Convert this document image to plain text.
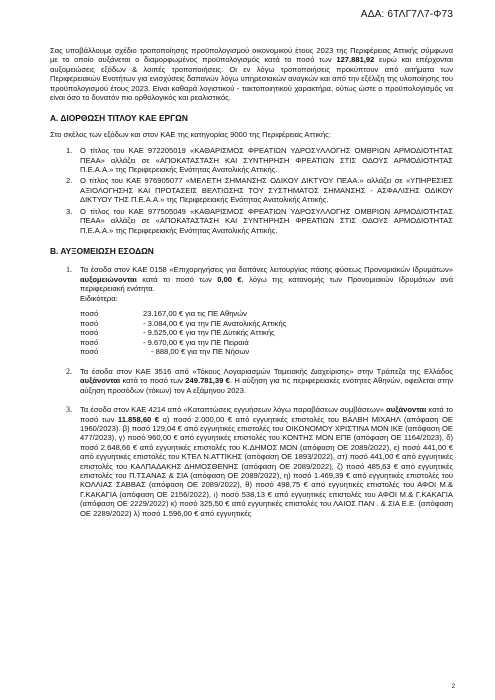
ΑΔΑ: 6ΤΛΓ7Λ7-Φ73

Σας υποβάλλουμε σχέδιο τροποποίησης προϋπολογισμού οικονομικού έτους 2023 της Περιφέρειας Αττικής σύμφωνα με το οποίο αυξάνεται ο διαμορφωμένος προϋπολογισμός κατά το ποσό των 127.881,92 ευρώ και επέρχονται αυξομειώσεις εξόδων & λοιπές τροποποιήσεις. Οι εν λόγω τροποποιήσεις προκύπτουν από αιτήματα των Περιφερειακών Ενοτήτων για ενισχύσεις δαπανών λόγω υπηρεσιακών αναγκών και από την εξέλιξη της υλοποίησης του προϋπολογισμού έτους 2023. Είναι καθαρά λογιστικού - τακτοποιητικού χαρακτήρα, ούτως ώστε ο προϋπολογισμός να είναι όσο το δυνατόν πιο ορθολογικός και ρεαλιστικός.

Α. ΔΙΟΡΘΩΣΗ ΤΙΤΛΟΥ ΚΑΕ ΕΡΓΩΝ

Στο σκέλος των εξόδων και στον ΚΑΕ της κατηγορίας 9000 της Περιφέρειας Αττικής:

1. Ο τίτλος του ΚΑΕ 972205019 «ΚΑΘΑΡΙΣΜΟΣ ΦΡΕΑΤΙΩΝ ΥΔΡΟΣΥΛΛΟΓΗΣ ΟΜΒΡΙΩΝ ΑΡΜΟΔΙΟΤΗΤΑΣ ΠΕΑΑ» αλλάζει σε «ΑΠΟΚΑΤΑΣΤΑΣΗ ΚΑΙ ΣΥΝΤΗΡΗΣΗ ΦΡΕΑΤΙΩΝ ΣΤΙΣ ΟΔΟΥΣ ΑΡΜΟΔΙΟΤΗΤΑΣ Π.Ε.Α.Α.» της Περιφερειακής Ενότητας Ανατολικής Αττικής.
2. Ο τίτλος του ΚΑΕ 976905077 «ΜΕΛΕΤΗ ΣΗΜΑΝΣΗΣ ΟΔΙΚΟΥ ΔΙΚΤΥΟΥ ΠΕΑΑ.» αλλάζει σε «ΥΠΗΡΕΣΙΕΣ ΑΞΙΟΛΟΓΗΣΗΣ ΚΑΙ ΠΡΟΤΑΣΕΙΣ ΒΕΛΤΙΩΣΗΣ ΤΟΥ ΣΥΣΤΗΜΑΤΟΣ ΣΗΜΑΝΣΗΣ - ΑΣΦΑΛΙΣΗΣ ΟΔΙΚΟΥ ΔΙΚΤΥΟΥ ΤΗΣ Π.Ε.Α.Α.» της Περιφερειακής Ενότητας Ανατολικής Αττικής.
3. Ο τίτλος του ΚΑΕ 977505049 «ΚΑΘΑΡΙΣΜΟΣ ΦΡΕΑΤΙΩΝ ΥΔΡΟΣΥΛΛΟΓΗΣ ΟΜΒΡΙΩΝ ΑΡΜΟΔΙΟΤΗΤΑΣ ΠΕΑΑ» αλλάζει σε «ΑΠΟΚΑΤΑΣΤΑΣΗ ΚΑΙ ΣΥΝΤΗΡΗΣΗ ΦΡΕΑΤΙΩΝ ΣΤΙΣ ΟΔΟΥΣ ΑΡΜΟΔΙΟΤΗΤΑΣ Π.Ε.Α.Α.» της Περιφερειακής Ενότητας Ανατολικής Αττικής.
Β. ΑΥΞΟΜΕΙΩΣΗ ΕΣΟΔΩΝ
1. Τα έσοδα στον ΚΑΕ 0158 «Επιχορηγήσεις για δαπάνες λειτουργίας πάσης φύσεως Προνομιακών Ιδρυμάτων» αυξομειώνονται κατά το ποσό των 0,00 €, λόγω της κατανομής των Προνομιακών Ιδρυμάτων ανά περιφερειακή ενότητα.
Ειδικότερα:
ποσό	23.167,00 € για τις ΠΕ Αθηνών
ποσό	- 3.084,00 € για την ΠΕ Ανατολικής Αττικής
ποσό	- 9.525,00 € για την ΠΕ Δυτικής Αττικής
ποσό	- 9.670,00 € για την ΠΕ Πειραιά
ποσό	- 888,00 € για την ΠΕ Νήσων
2. Τα έσοδα στον ΚΑΕ 3516 από «Τόκους Λογαριασμών Ταμειακής Διαχείρισης» στην Τράπεζα της Ελλάδος αυξάνονται κατά το ποσό των 249.781,39 €. Η αύξηση για τις περιφερειακές ενότητες Αθηνών, οφείλεται στην αύξηση προσόδων (τόκων) τον Α εξάμηνου 2023.
3. Τα έσοδα στον ΚΑΕ 4214 από «Καταπτώσεις εγγυήσεων λόγω παραβάσεων συμβάσεων» αυξάνονται κατά το ποσό των 11.858,60 € α) ποσό 2.000,00 € από εγγυητικές επιστολές του ΒΑΛΒΗ ΜΙΧΑΗΛ (απόφαση ΟΕ 1960/2023). β) ποσό 129,04 € από εγγυητικές επιστολές του ΟΙΚΟΝΟΜΟΥ ΧΡΙΣΤΙΝΑ ΜΟΝ ΙΚΕ (απόφαση ΟΕ 477/2023), γ) ποσό 960,00 € από εγγυητικές επιστολές του ΚΟΝΤΗΣ ΜΟΝ ΕΠΕ (απόφαση ΟΕ 1164/2023), δ) ποσό 2.648,66 € από εγγυητικές επιστολές του Κ.ΔΗΜΟΣ ΜΟΝ (απόφαση ΟΕ 2089/2022), ε) ποσό 441,00 € από εγγυητικές επιστολές του ΚΤΕΛ Ν.ΑΤΤΙΚΗΣ (απόφαση ΟΕ 1893/2022), στ) ποσό 441,00 € από εγγυητικές επιστολές του ΚΑΛΠΑΔΑΚΗΣ ΔΗΜΟΣΘΕΝΗΣ (απόφαση ΟΕ 2089/2022), ζ) ποσό 485,63 € από εγγυητικές επιστολές του Π.ΤΣΑΝΑΣ & ΣΙΑ (απόφαση ΟΕ 2089/2022), η) ποσό 1.469,39 € από εγγυητικές επιστολές του ΚΟΛΛΙΑΣ ΣΑΒΒΑΣ (απόφαση ΟΕ 2089/2022), θ) ποσό 498,75 € από εγγυητικές επιστολές του ΑΦΟΙ Μ.& Γ.ΚΑΚΑΓΙΑ (απόφαση ΟΕ 2156/2022), ι) ποσό 538,13 € από εγγυητικές επιστολές του ΑΦΟΙ Μ.& Γ.ΚΑΚΑΓΙΑ (απόφαση ΟΕ 2229/2022) κ) ποσό 325,50 € από εγγυητικές επιστολές του ΛΑΙΟΣ ΠΑΝ . & ΣΙΑ Ε.Ε. (απόφαση ΟΕ 2289/2022) λ) ποσό 1.596,00 € από εγγυητικές
2
